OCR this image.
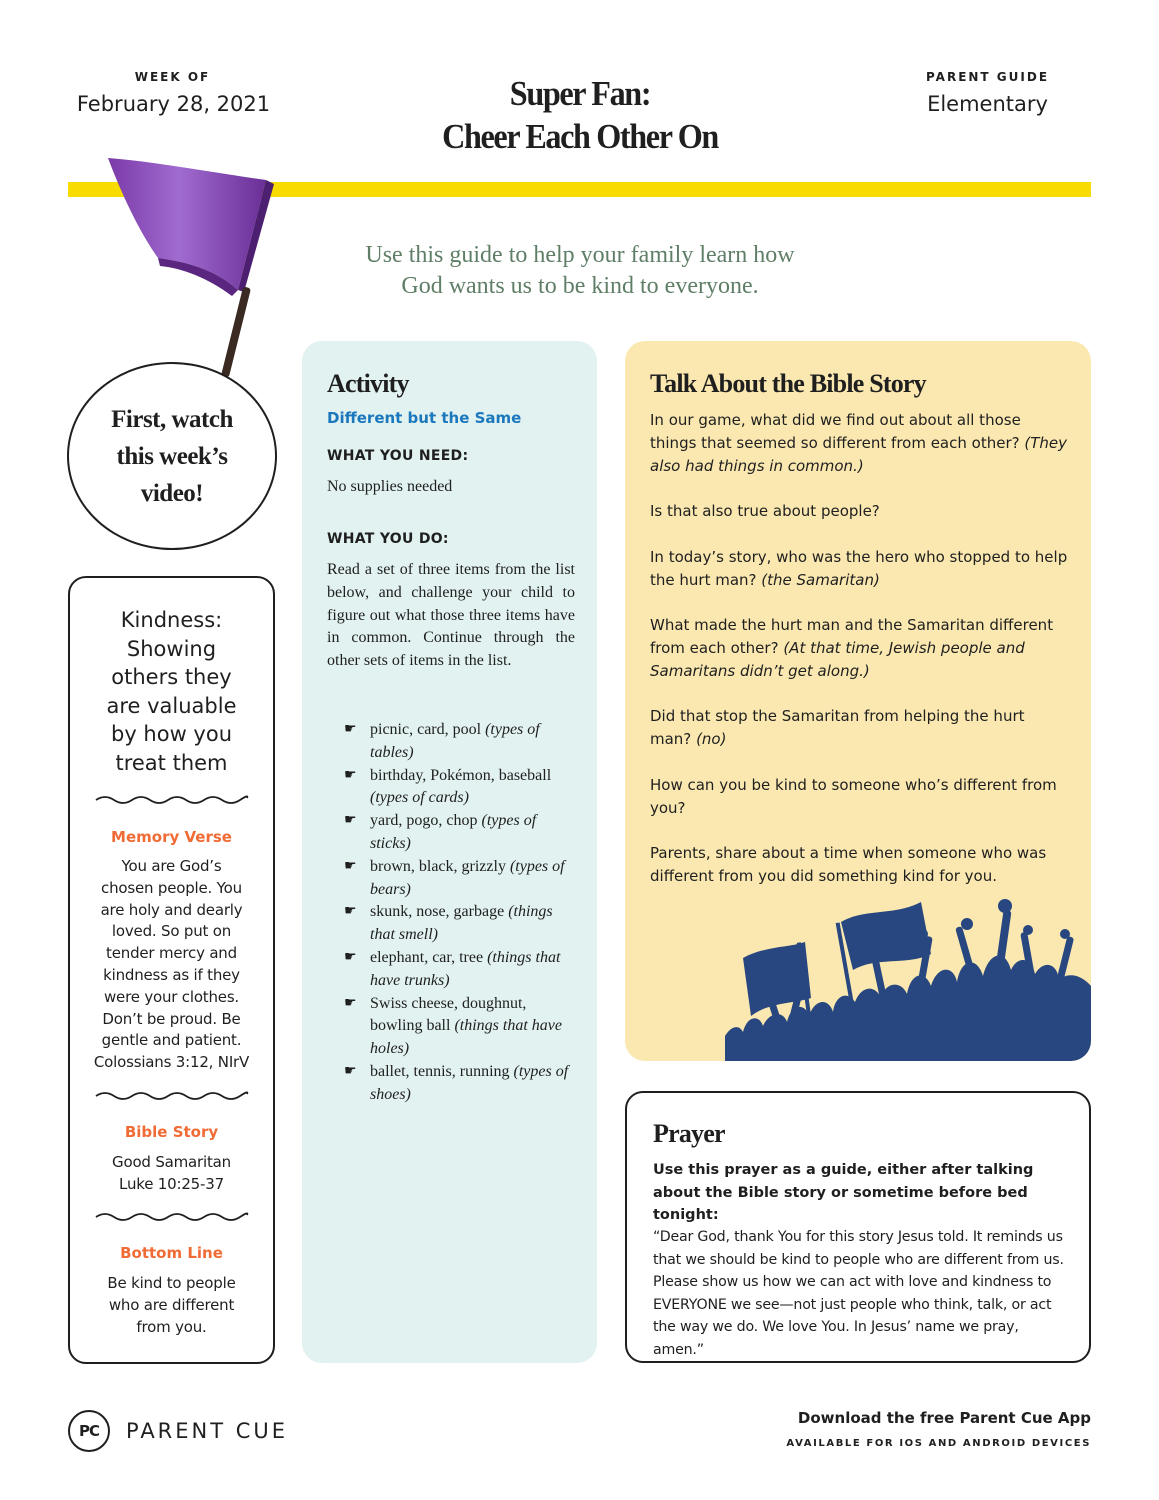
WEEK OF
February 28, 2021	Super Fan:
Cheer Each Other On
PARENT GUIDE
Elementary
Use this guide to help your family learn how
God wants us to be kind to everyone.
First, watch
this week’s
video!
Kindness:
Showing
others they
are valuable
by how you
treat them
Memory Verse
You are God’s
chosen people. You
are holy and dearly
loved. So put on
tender mercy and
kindness as if they
were your clothes.
Don’t be proud. Be
gentle and patient.
Colossians 3:12, NIrV
Bible Story
Good Samaritan
Luke 10:25-37
Bottom Line
Be kind to people
who are different
from you.
Activity
Different but the Same
WHAT YOU NEED:
No supplies needed
WHAT YOU DO:
Read a set of three items from the list below, and challenge your child to figure out what those three items have in common. Continue through the other sets of items in the list.
☛ picnic, card, pool (types of tables)
☛ birthday, Pokémon, baseball (types of cards)
☛ yard, pogo, chop (types of sticks)
☛ brown, black, grizzly (types of bears)
☛ skunk, nose, garbage (things that smell)
☛ elephant, car, tree (things that have trunks)
☛ Swiss cheese, doughnut, bowling ball (things that have holes)
☛ ballet, tennis, running (types of shoes)
Talk About the Bible Story

In our game, what did we find out about all those things that seemed so different from each other? (They also had things in common.)

Is that also true about people?

In today’s story, who was the hero who stopped to help the hurt man? (the Samaritan)

What made the hurt man and the Samaritan different from each other? (At that time, Jewish people and Samaritans didn’t get along.)

Did that stop the Samaritan from helping the hurt man? (no)

How can you be kind to someone who’s different from you?

Parents, share about a time when someone who was different from you did something kind for you.

Prayer
Use this prayer as a guide, either after talking about the Bible story or sometime before bed tonight:
“Dear God, thank You for this story Jesus told. It reminds us that we should be kind to people who are different from us. Please show us how we can act with love and kindness to EVERYONE we see—not just people who think, talk, or act the way we do. We love You. In Jesus’ name we pray, amen.”
PC	PARENT CUE
Download the free Parent Cue App
AVAILABLE FOR IOS AND ANDROID DEVICES
